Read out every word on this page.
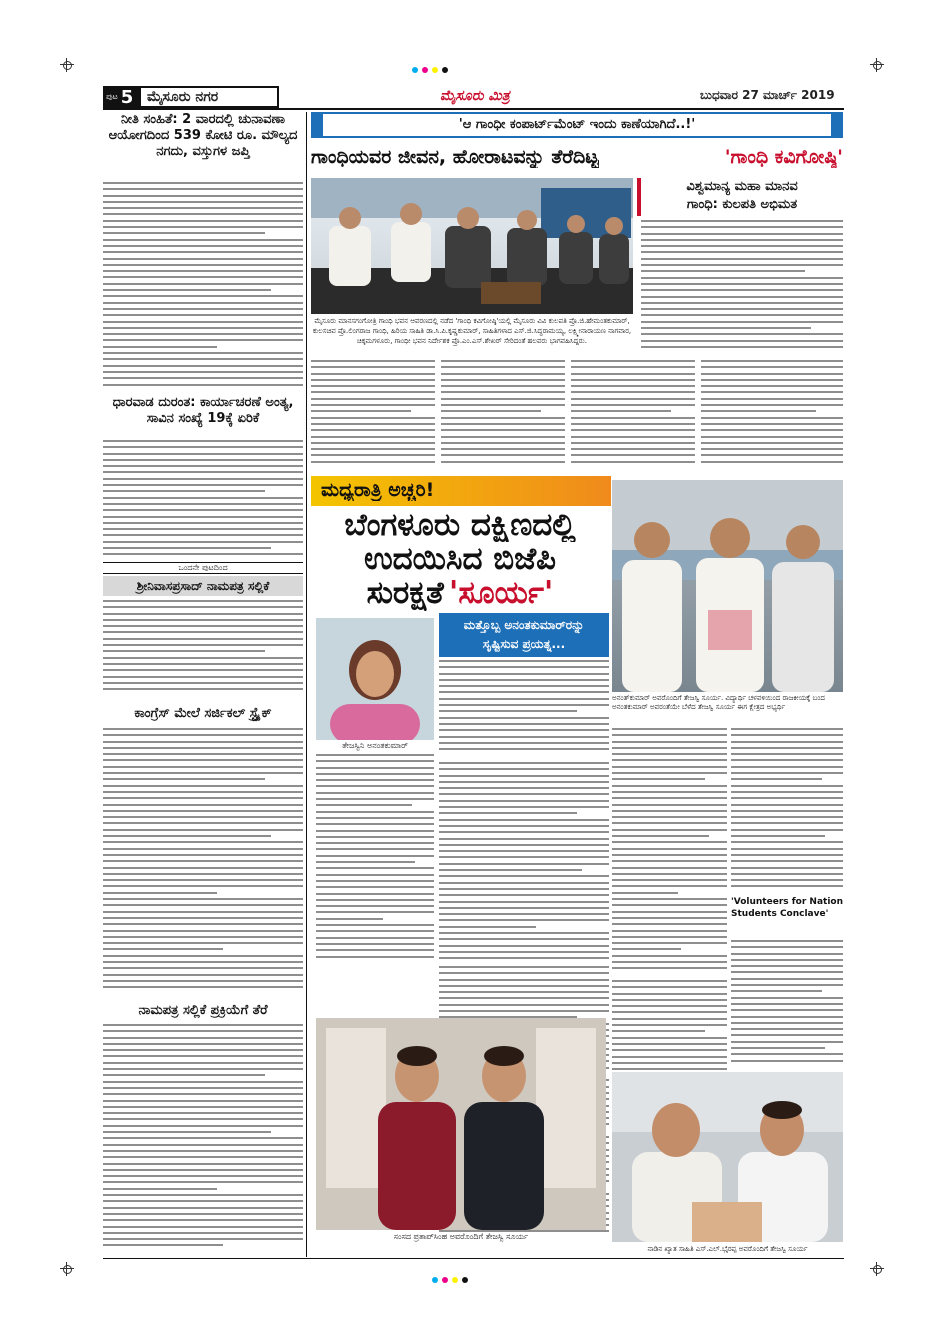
ಪುಟ 5 ಮೈಸೂರು ನಗರ	ಮೈಸೂರು ಮಿತ್ರ	ಬುಧವಾರ 27 ಮಾರ್ಚ್ 2019
ನೀತಿ ಸಂಹಿತೆ: 2 ವಾರದಲ್ಲಿ ಚುನಾವಣಾ ಆಯೋಗದಿಂದ 539 ಕೋಟಿ ರೂ. ಮೌಲ್ಯದ ನಗದು, ವಸ್ತುಗಳ ಜಪ್ತಿ
ಧಾರವಾಡ ದುರಂತ: ಕಾರ್ಯಾಚರಣೆ ಅಂತ್ಯ, ಸಾವಿನ ಸಂಖ್ಯೆ 19ಕ್ಕೆ ಏರಿಕೆ
ಒಂದನೇ ಪುಟದಿಂದ
ಶ್ರೀನಿವಾಸಪ್ರಸಾದ್ ನಾಮಪತ್ರ ಸಲ್ಲಿಕೆ
ಕಾಂಗ್ರೆಸ್ ಮೇಲೆ ಸರ್ಜಿಕಲ್ ಸ್ಟ್ರೈಕ್
ನಾಮಪತ್ರ ಸಲ್ಲಿಕೆ ಪ್ರಕ್ರಿಯೆಗೆ ತೆರೆ
'ಆ ಗಾಂಧೀ ಕಂಪಾರ್ಟ್‌ಮೆಂಟ್ ಇಂದು ಕಾಣೆಯಾಗಿದೆ..!'
ಗಾಂಧಿಯವರ ಜೀವನ, ಹೋರಾಟವನ್ನು ತೆರೆದಿಟ್ಟ	'ಗಾಂಧಿ ಕವಿಗೋಷ್ಠಿ'
ಮೈಸೂರು ಮಾನಸಗಂಗೋತ್ರಿ ಗಾಂಧಿ ಭವನ ಆವರಣದಲ್ಲಿ ನಡೆದ 'ಗಾಂಧಿ ಕವಿಗೋಷ್ಠಿ'ಯಲ್ಲಿ ಮೈಸೂರು ವಿವಿ ಕುಲಪತಿ ಪ್ರೊ.ಜಿ.ಹೇಮಂತಕುಮಾರ್, ಕುಲಸಚಿವ ಪ್ರೊ.ಲಿಂಗರಾಜ ಗಾಂಧಿ, ಹಿರಿಯ ಸಾಹಿತಿ ಡಾ.ಸಿ.ಪಿ.ಕೃಷ್ಣಕುಮಾರ್, ಸಾಹಿತಿಗಳಾದ ಎಸ್.ಜಿ.ಸಿದ್ಧರಾಮಯ್ಯ, ಲಕ್ಷ್ಮೀನಾರಾಯಣ ನಾಗವಾರ, ಚಿಕ್ಕಮಗಳೂರು, ಗಾಂಧೀ ಭವನ ನಿರ್ದೇಶಕ ಪ್ರೊ.ಎಂ.ಎಸ್.ಶೇಖರ್ ಸೇರಿದಂತೆ ಹಲವರು ಭಾಗವಹಿಸಿದ್ದರು.
ವಿಶ್ವಮಾನ್ಯ ಮಹಾ ಮಾನವ
ಗಾಂಧಿ: ಕುಲಪತಿ ಅಭಿಮತ
ಮಧ್ಯರಾತ್ರಿ ಅಚ್ಚರಿ!
ಬೆಂಗಳೂರು ದಕ್ಷಿಣದಲ್ಲಿ
ಉದಯಿಸಿದ ಬಿಜೆಪಿ
ಸುರಕ್ಷತೆ 'ಸೂರ್ಯ'
ಅನಂತ್‌ಕುಮಾರ್ ಅವರೊಂದಿಗೆ ತೇಜಸ್ವಿ ಸೂರ್ಯ. ವಿದ್ಯಾರ್ಥಿ ಚಳವಳಿಯಿಂದ ರಾಜಕೀಯಕ್ಕೆ ಬಂದ ಅನಂತಕುಮಾರ್ ಅವರಂತೆಯೇ ಬೆಳೆದ ತೇಜಸ್ವಿ ಸೂರ್ಯ ಈಗ ಕ್ಷೇತ್ರದ ಅಭ್ಯರ್ಥಿ
ಮತ್ತೊಬ್ಬ ಅನಂತಕುಮಾರ್‌ರನ್ನು
ಸೃಷ್ಟಿಸುವ ಪ್ರಯತ್ನ...
ತೇಜಸ್ವಿನಿ ಅನಂತಕುಮಾರ್
'Volunteers for Nation Students Conclave'
ಸಂಸದ ಪ್ರತಾಪ್‌ಸಿಂಹ ಅವರೊಂದಿಗೆ ತೇಜಸ್ವಿ ಸೂರ್ಯ
ನಾಡಿನ ಖ್ಯಾತ ಸಾಹಿತಿ ಎಸ್.ಎಲ್.ಭೈರಪ್ಪ ಅವರೊಂದಿಗೆ ತೇಜಸ್ವಿ ಸೂರ್ಯ
